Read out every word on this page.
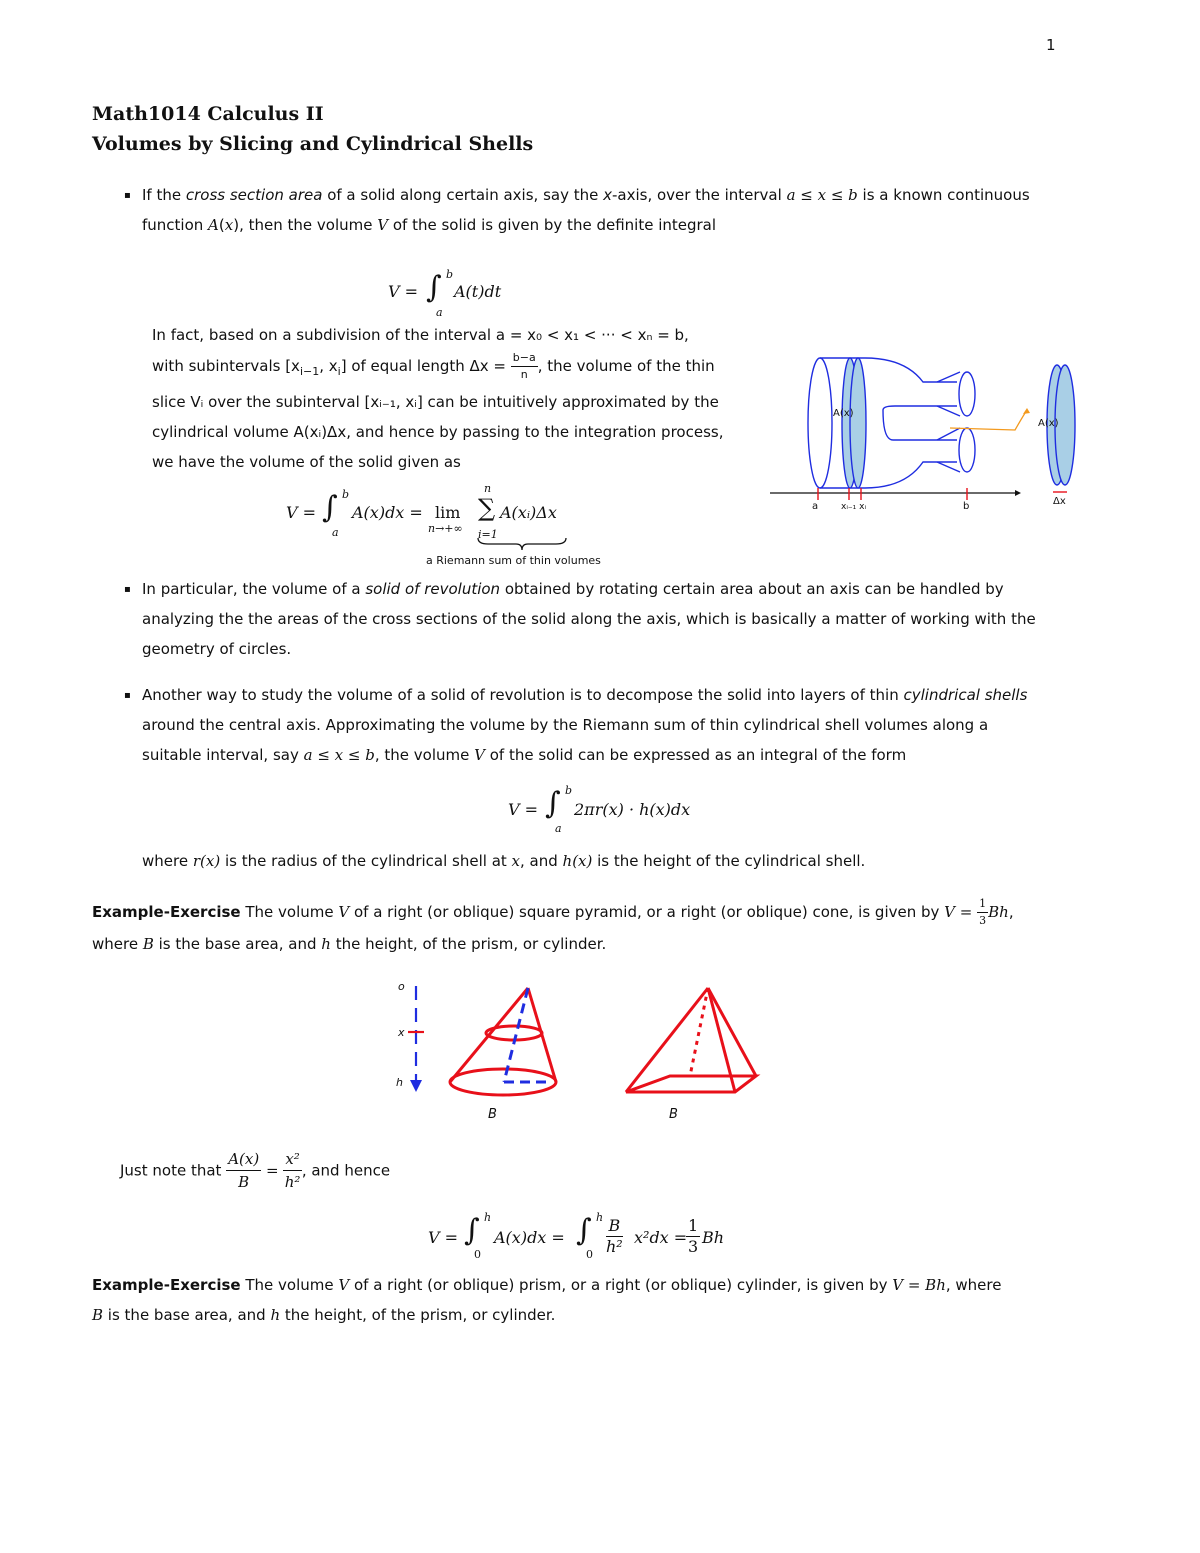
1
Math1014 Calculus II
Volumes by Slicing and Cylindrical Shells
▪ If the cross section area of a solid along certain axis, say the x-axis, over the interval a ≤ x ≤ b is a known continuous
function A(x), then the volume V of the solid is given by the definite integral
V = ∫ b
a
A(t)dt
In fact, based on a subdivision of the interval a = x₀ < x₁ < ··· < xₙ = b,
with subintervals [$x_{i-1}$, $x_i$] of equal length $\Delta x = \frac{b-a}{n}$ , the volume of the thin
slice Vᵢ over the subinterval [xᵢ₋₁, xᵢ] can be intuitively approximated by the
cylindrical volume A(xᵢ)Δx, and hence by passing to the integration process,
we have the volume of the solid given as
V = ∫ b
a
A(x)dx = lim
n→+∞
n
∑
i=1
A(xᵢ)Δx
a Riemann sum of thin volumes
A(x)
A(x)
a	xᵢ₋₁ xᵢ	b	Δx
▪ In particular, the volume of a solid of revolution obtained by rotating certain area about an axis can be handled by
analyzing the the areas of the cross sections of the solid along the axis, which is basically a matter of working with the
geometry of circles.
▪ Another way to study the volume of a solid of revolution is to decompose the solid into layers of thin cylindrical shells
around the central axis. Approximating the volume by the Riemann sum of thin cylindrical shell volumes along a
suitable interval, say a ≤ x ≤ b, the volume V of the solid can be expressed as an integral of the form
V = ∫ b
a
2πr(x) · h(x)dx
where r(x) is the radius of the cylindrical shell at x, and h(x) is the height of the cylindrical shell.
Example-Exercise The volume V of a right (or oblique) square pyramid, or a right (or oblique) cone, is given by $V = \frac{1}{3} Bh$,
where B is the base area, and h the height, of the prism, or cylinder.
o
x
h
B	B
Just note that $\frac{A(x)}{B} = \frac{\text{x²}}{\text{h²}}$ , and hence
V = ∫ h
0
A(x)dx = ∫ h
$0 \frac{B}{\text{h²}} x^2dx$ =
$\frac{1}{3}$ Bh
Example-Exercise The volume V of a right (or oblique) prism, or a right (or oblique) cylinder, is given by V = Bh, where
B is the base area, and h the height, of the prism, or cylinder.
